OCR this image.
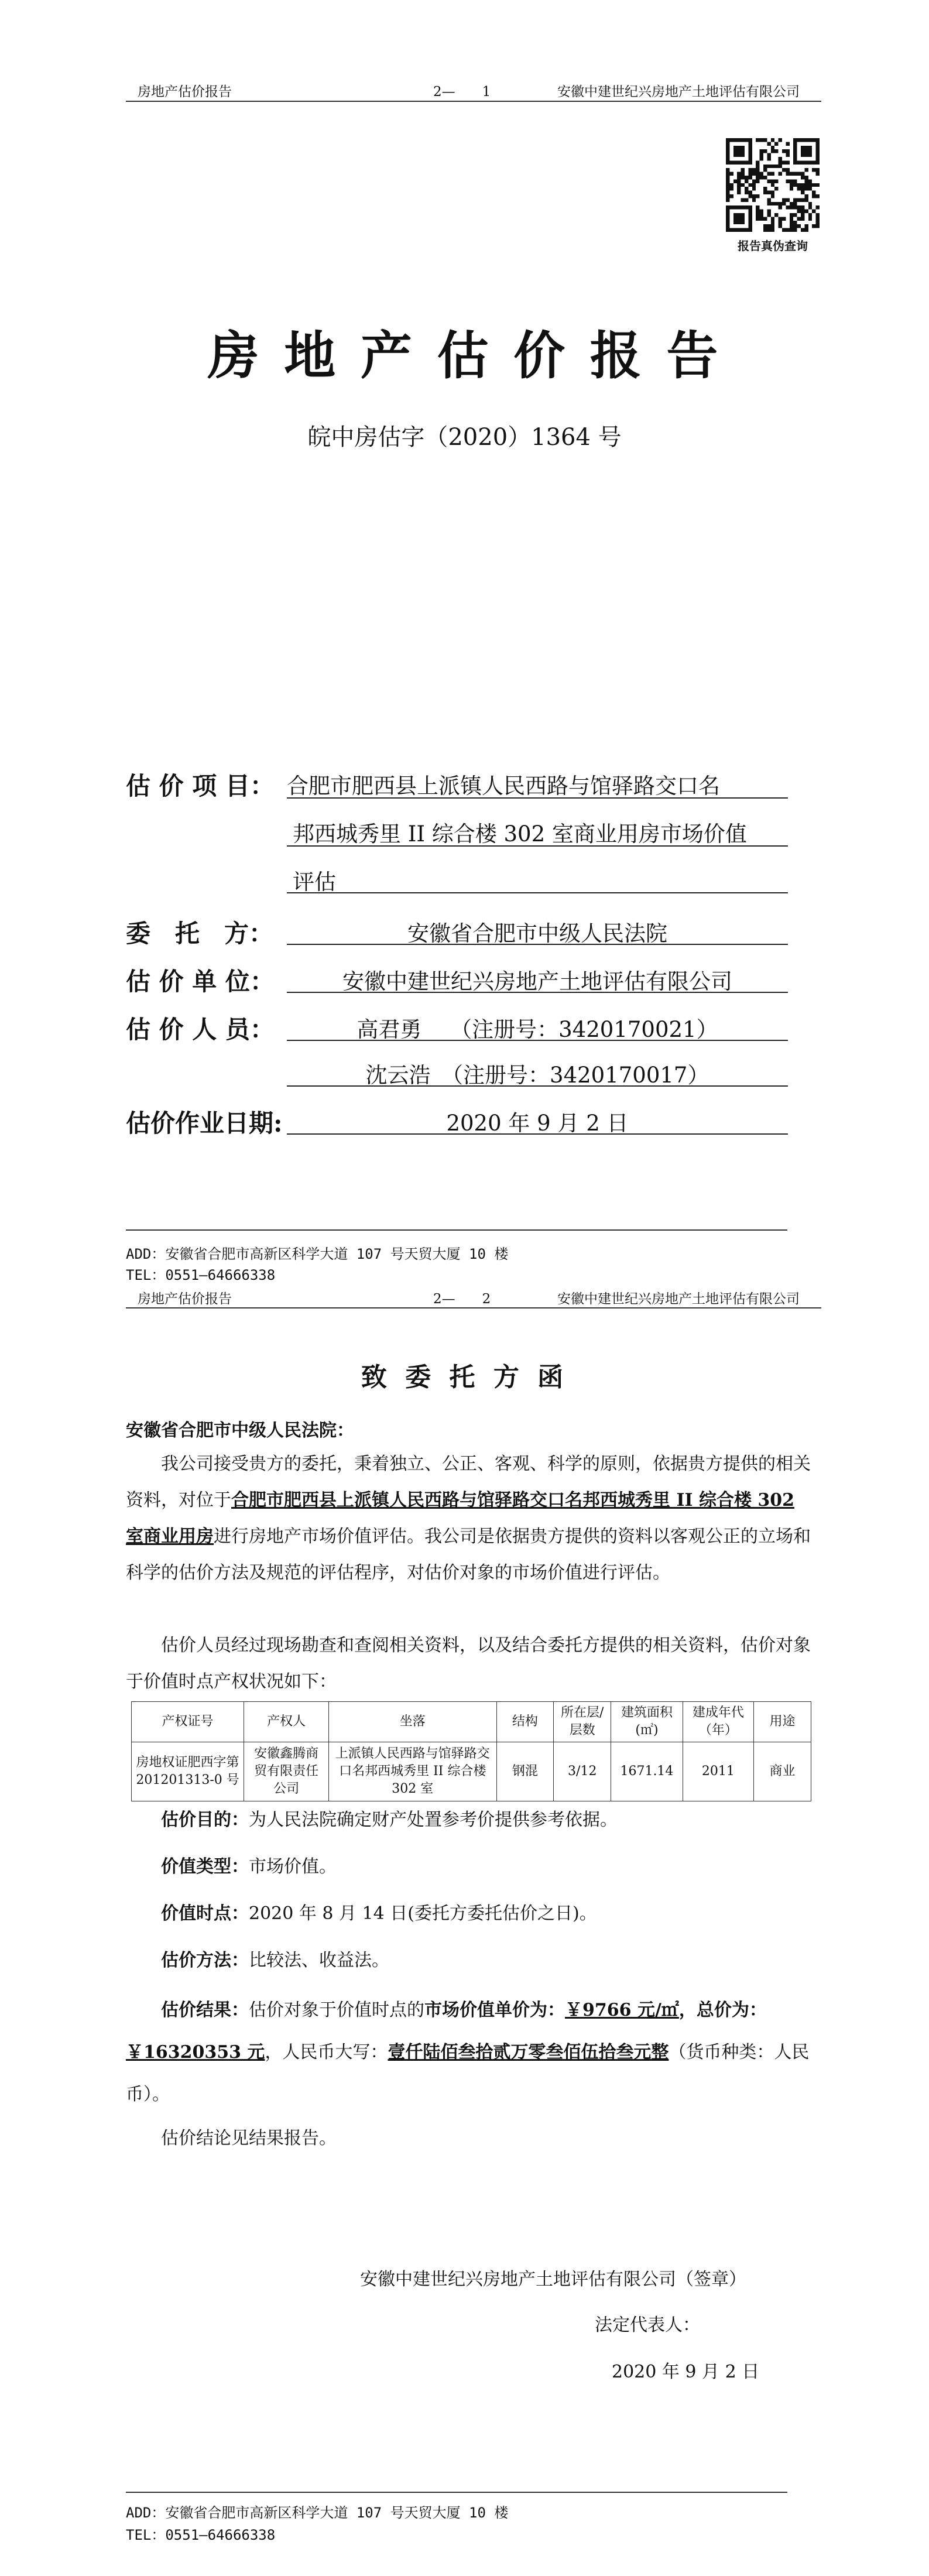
房地产估价报告	2—　　1	安徽中建世纪兴房地产土地评估有限公司
报告真伪查询
房 地 产 估 价 报 告
皖中房估字（2020）1364 号
估 价 项 目： 合肥市肥西县上派镇人民西路与馆驿路交口名
邦西城秀里 II 综合楼 302 室商业用房市场价值
评估
委　托　方：	安徽省合肥市中级人民法院
估 价 单 位：	安徽中建世纪兴房地产土地评估有限公司
估 价 人 员：	高君勇　 （注册号：3420170021）
沈云浩　（注册号：3420170017）
估价作业日期:	2020 年 9 月 2 日
ADD：安徽省合肥市高新区科学大道 107 号天贸大厦 10 楼
TEL：0551—64666338
房地产估价报告	2—　　2	安徽中建世纪兴房地产土地评估有限公司
致 委 托 方 函
安徽省合肥市中级人民法院：
我公司接受贵方的委托，秉着独立、公正、客观、科学的原则，依据贵方提供的相关资料，对位于合肥市肥西县上派镇人民西路与馆驿路交口名邦西城秀里 II 综合楼 302 室商业用房进行房地产市场价值评估。我公司是依据贵方提供的资料以客观公正的立场和科学的估价方法及规范的评估程序，对估价对象的市场价值进行评估。
估价人员经过现场勘查和查阅相关资料，以及结合委托方提供的相关资料，估价对象于价值时点产权状况如下：
产权证号	产权人	坐落	结构	所在层/层数	建筑面积(㎡)	建成年代（年）	用途
房地权证肥西字第201201313-0 号	安徽鑫腾商贸有限责任公司	上派镇人民西路与馆驿路交口名邦西城秀里 II 综合楼 302 室	钢混	3/12	1671.14	2011	商业
估价目的：为人民法院确定财产处置参考价提供参考依据。
价值类型：市场价值。
价值时点：2020 年 8 月 14 日(委托方委托估价之日)。
估价方法：比较法、收益法。
估价结果：估价对象于价值时点的市场价值单价为：￥9766 元/㎡，总价为：￥16320353 元，人民币大写：壹仟陆佰叁拾贰万零叁佰伍拾叁元整（货币种类：人民币）。
估价结论见结果报告。
安徽中建世纪兴房地产土地评估有限公司（签章）
法定代表人：
2020 年 9 月 2 日
ADD：安徽省合肥市高新区科学大道 107 号天贸大厦 10 楼
TEL：0551—64666338
